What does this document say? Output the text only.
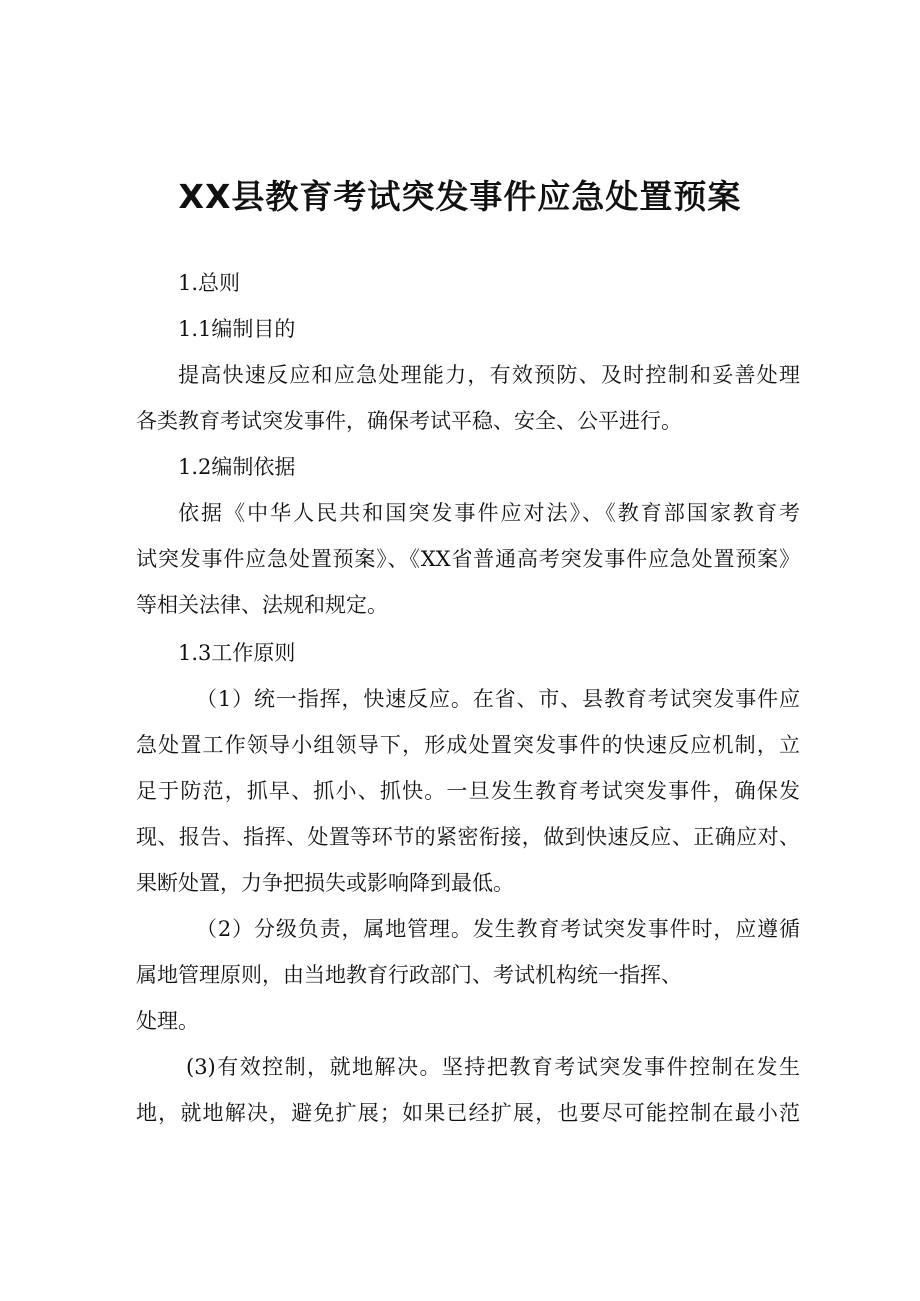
XX县教育考试突发事件应急处置预案
1.总则
1.1编制目的
提高快速反应和应急处理能力，有效预防、及时控制和妥善处理
各类教育考试突发事件，确保考试平稳、安全、公平进行。
1.2编制依据
依据《中华人民共和国突发事件应对法》、《教育部国家教育考
试突发事件应急处置预案》、《XX省普通高考突发事件应急处置预案》
等相关法律、法规和规定。
1.3工作原则
（1）统一指挥，快速反应。在省、市、县教育考试突发事件应
急处置工作领导小组领导下，形成处置突发事件的快速反应机制，立
足于防范，抓早、抓小、抓快。一旦发生教育考试突发事件，确保发
现、报告、指挥、处置等环节的紧密衔接，做到快速反应、正确应对、
果断处置，力争把损失或影响降到最低。
（2）分级负责，属地管理。发生教育考试突发事件时，应遵循
属地管理原则，由当地教育行政部门、考试机构统一指挥、
处理。
(3)有效控制，就地解决。坚持把教育考试突发事件控制在发生
地，就地解决，避免扩展；如果已经扩展，也要尽可能控制在最小范
